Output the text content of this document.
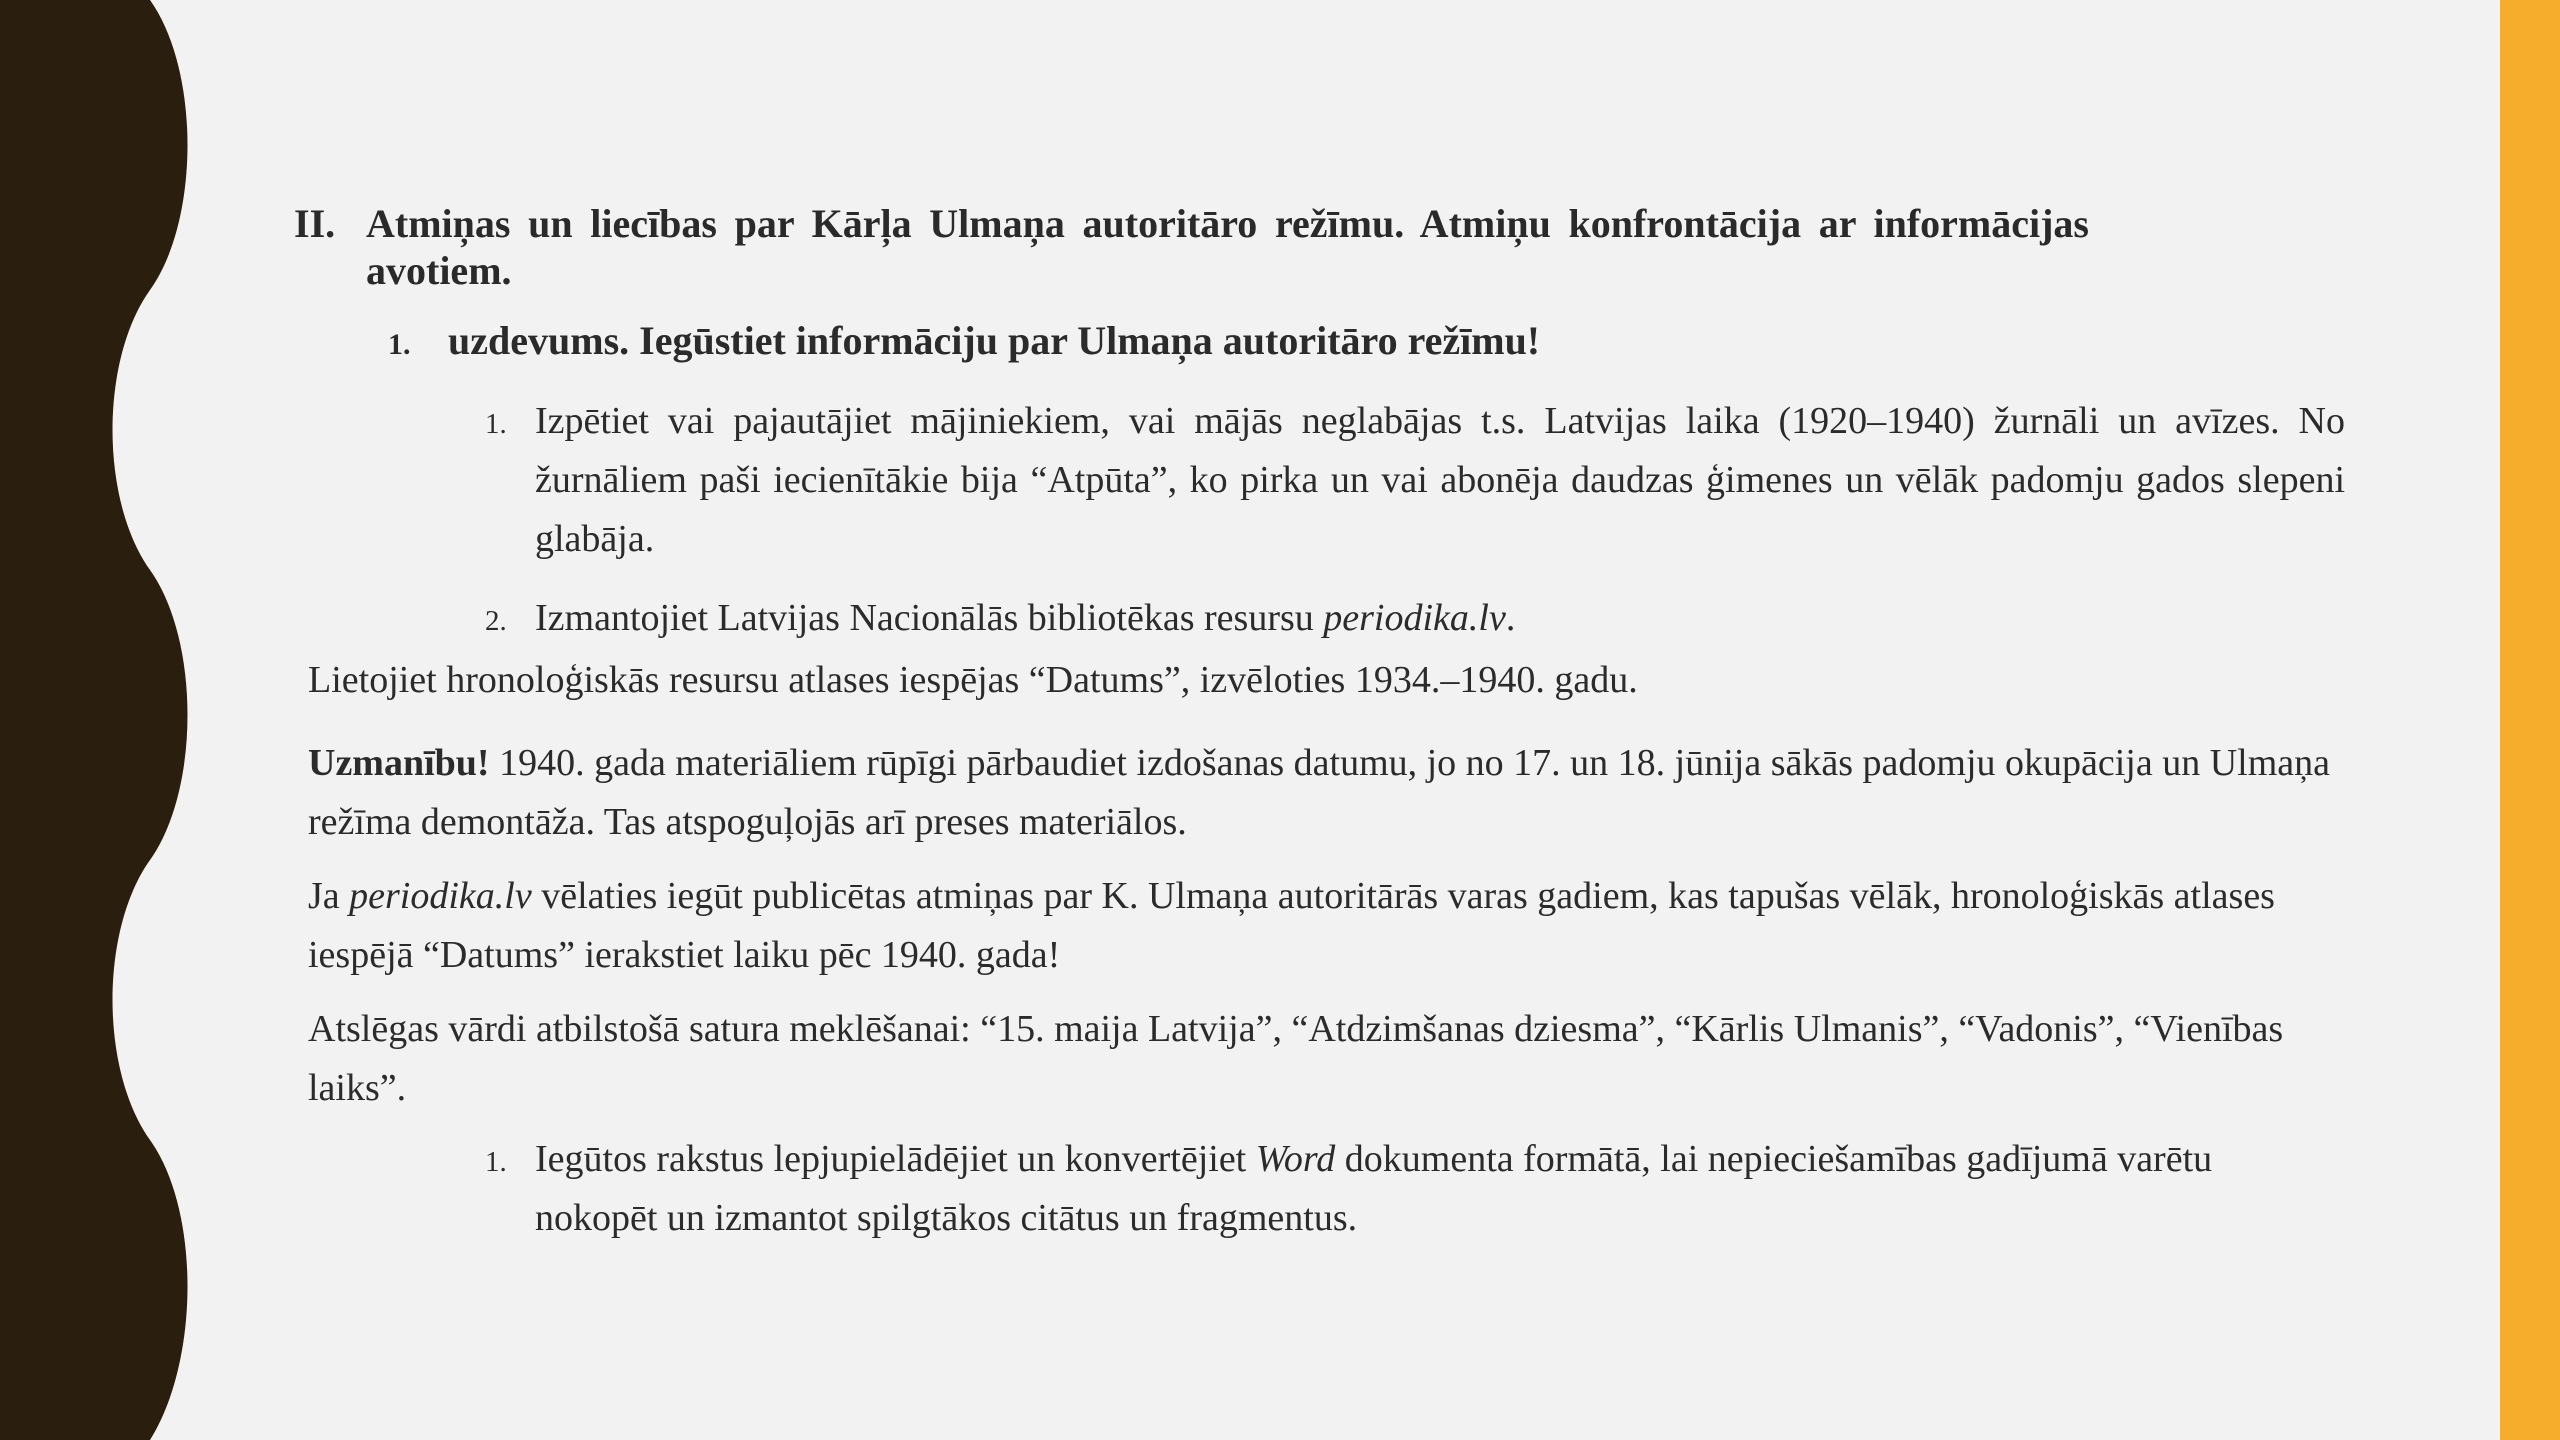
II. Atmiņas un liecības par Kārļa Ulmaņa autoritāro režīmu. Atmiņu konfrontācija ar informācijas avotiem.
1. uzdevums. Iegūstiet informāciju par Ulmaņa autoritāro režīmu!
1. Izpētiet vai pajautājiet mājiniekiem, vai mājās neglabājas t.s. Latvijas laika (1920–1940) žurnāli un avīzes. No žurnāliem paši iecienītākie bija “Atpūta”, ko pirka un vai abonēja daudzas ģimenes un vēlāk padomju gados slepeni glabāja.
2. Izmantojiet Latvijas Nacionālās bibliotēkas resursu periodika.lv.
Lietojiet hronoloģiskās resursu atlases iespējas “Datums”, izvēloties 1934.–1940. gadu.
Uzmanību! 1940. gada materiāliem rūpīgi pārbaudiet izdošanas datumu, jo no 17. un 18. jūnija sākās padomju okupācija un Ulmaņa režīma demontāža. Tas atspoguļojās arī preses materiālos.
Ja periodika.lv vēlaties iegūt publicētas atmiņas par K. Ulmaņa autoritārās varas gadiem, kas tapušas vēlāk, hronoloģiskās atlases iespējā “Datums” ierakstiet laiku pēc 1940. gada!
Atslēgas vārdi atbilstošā satura meklēšanai: “15. maija Latvija”, “Atdzimšanas dziesma”, “Kārlis Ulmanis”, “Vadonis”, “Vienības laiks”.
1. Iegūtos rakstus lepjupielādējiet un konvertējiet Word dokumenta formātā, lai nepieciešamības gadījumā varētu nokopēt un izmantot spilgtākos citātus un fragmentus.
